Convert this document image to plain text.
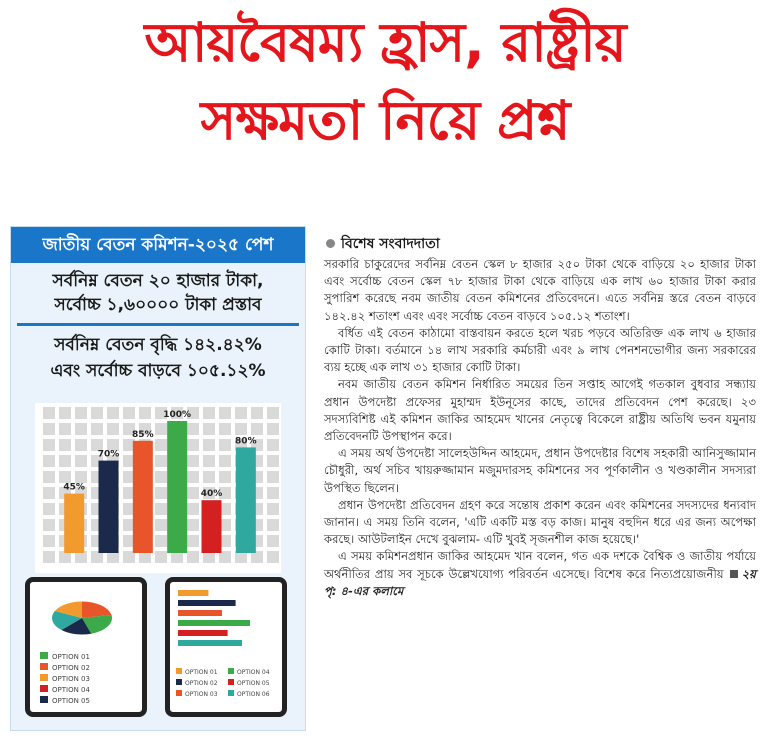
আয়বৈষম্য হ্রাস, রাষ্ট্রীয়
সক্ষমতা নিয়ে প্রশ্ন
জাতীয় বেতন কমিশন-২০২৫ পেশ
সর্বনিম্ন বেতন ২০ হাজার টাকা,
সর্বোচ্চ ১,৬০০০০ টাকা প্রস্তাব
সর্বনিম্ন বেতন বৃদ্ধি ১৪২.৪২%
এবং সর্বোচ্চ বাড়বে ১০৫.১২%
45%
70%
85%
100%
40%
80%
OPTION 01
OPTION 02
OPTION 03
OPTION 04
OPTION 05
OPTION 01
OPTION 02
OPTION 03
OPTION 04
OPTION 05
OPTION 06
বিশেষ সংবাদদাতা

সরকারি চাকুরেদের সর্বনিম্ন বেতন স্কেল ৮ হাজার ২৫০ টাকা থেকে বাড়িয়ে ২০ হাজার টাকা এবং সর্বোচ্চ বেতন স্কেল ৭৮ হাজার টাকা থেকে বাড়িয়ে এক লাখ ৬০ হাজার টাকা করার সুপারিশ করেছে নবম জাতীয় বেতন কমিশনের প্রতিবেদনে। এতে সর্বনিম্ন স্তরে বেতন বাড়বে ১৪২.৪২ শতাংশ এবং এবং সর্বোচ্চ বেতন বাড়বে ১০৫.১২ শতাংশ।

বর্ধিত এই বেতন কাঠামো বাস্তবায়ন করতে হলে খরচ পড়বে অতিরিক্ত এক লাখ ৬ হাজার কোটি টাকা। বর্তমানে ১৪ লাখ সরকারি কর্মচারী এবং ৯ লাখ পেনশনভোগীর জন্য সরকারের ব্যয় হচ্ছে এক লাখ ৩১ হাজার কোটি টাকা।

নবম জাতীয় বেতন কমিশন নির্ধারিত সময়ের তিন সপ্তাহ আগেই গতকাল বুধবার সন্ধ্যায় প্রধান উপদেষ্টা প্রফেসর মুহাম্মদ ইউনূসের কাছে, তাদের প্রতিবেদন পেশ করেছে। ২৩ সদস্যবিশিষ্ট এই কমিশন জাকির আহমেদ খানের নেতৃত্বে বিকেলে রাষ্ট্রীয় অতিথি ভবন যমুনায় প্রতিবেদনটি উপস্থাপন করে।

এ সময় অর্থ উপদেষ্টা সালেহউদ্দিন আহমেদ, প্রধান উপদেষ্টার বিশেষ সহকারী আনিসুজ্জামান চৌধুরী, অর্থ সচিব খায়রুজ্জামান মজুমদারসহ কমিশনের সব পূর্ণকালীন ও খণ্ডকালীন সদস্যরা উপস্থিত ছিলেন।

প্রধান উপদেষ্টা প্রতিবেদন গ্রহণ করে সন্তোষ প্রকাশ করেন এবং কমিশনের সদস্যদের ধন্যবাদ জানান। এ সময় তিনি বলেন, 'এটি একটি মস্ত বড় কাজ। মানুষ বহুদিন ধরে এর জন্য অপেক্ষা করছে। আউটলাইন দেখে বুঝলাম- এটি খুবই সৃজনশীল কাজ হয়েছে।'

এ সময় কমিশনপ্রধান জাকির আহমেদ খান বলেন, গত এক দশকে বৈশ্বিক ও জাতীয় পর্যায়ে অর্থনীতির প্রায় সব সূচকে উল্লেখযোগ্য পরিবর্তন এসেছে। বিশেষ করে নিত্যপ্রয়োজনীয় ২য় পৃ: ৪-এর কলামে
